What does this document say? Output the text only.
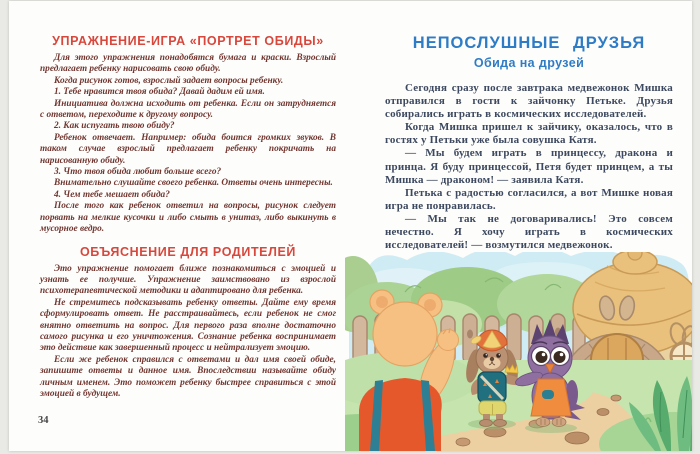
УПРАЖНЕНИЕ-ИГРА «ПОРТРЕТ ОБИДЫ»

Для этого упражнения понадобятся бумага и краски. Взрослый предлагает ребенку нарисовать свою обиду.

Когда рисунок готов, взрослый задает вопросы ребенку.

1. Тебе нравится твоя обида? Давай дадим ей имя.

Инициатива должна исходить от ребенка. Если он затрудняется с ответом, переходите к другому вопросу.

2. Как испугать твою обиду?

Ребенок отвечает. Например: обида боится громких звуков. В таком случае взрослый предлагает ребенку покричать на нарисованную обиду.

3. Что твоя обида любит больше всего?

Внимательно слушайте своего ребенка. Ответы очень интересны.

4. Чем тебе мешает обида?

После того как ребенок ответил на вопросы, рисунок следует порвать на мелкие кусочки и либо смыть в унитаз, либо выкинуть в мусорное ведро.

ОБЪЯСНЕНИЕ ДЛЯ РОДИТЕЛЕЙ

Это упражнение помогает ближе познакомиться с эмоцией и узнать ее получше. Упражнение заимствовано из взрослой психотерапевтической методики и адаптировано для ребенка.

Не стремитесь подсказывать ребенку ответы. Дайте ему время сформулировать ответ. Не расстраивайтесь, если ребенок не смог внятно ответить на вопрос. Для первого раза вполне достаточно самого рисунка и его уничтожения. Сознание ребенка воспринимает это действие как завершенный процесс и нейтрализует эмоцию.

Если же ребенок справился с ответами и дал имя своей обиде, запишите ответы и данное имя. Впоследствии называйте обиду личным именем. Это поможет ребенку быстрее справиться с этой эмоцией в будущем.

34
НЕПОСЛУШНЫЕ ДРУЗЬЯ
Обида на друзей

Сегодня сразу после завтрака медвежонок Мишка отправился в гости к зайчонку Петьке. Друзья собирались играть в космических исследователей.

Когда Мишка пришел к зайчику, оказалось, что в гостях у Петьки уже была совушка Катя.

— Мы будем играть в принцессу, дракона и принца. Я буду принцессой, Петя будет принцем, а ты Мишка — драконом! — заявила Катя.

Петька с радостью согласился, а вот Мишке новая игра не понравилась.

— Мы так не договаривались! Это совсем нечестно. Я хочу играть в космических исследователей! — возмутился медвежонок.
